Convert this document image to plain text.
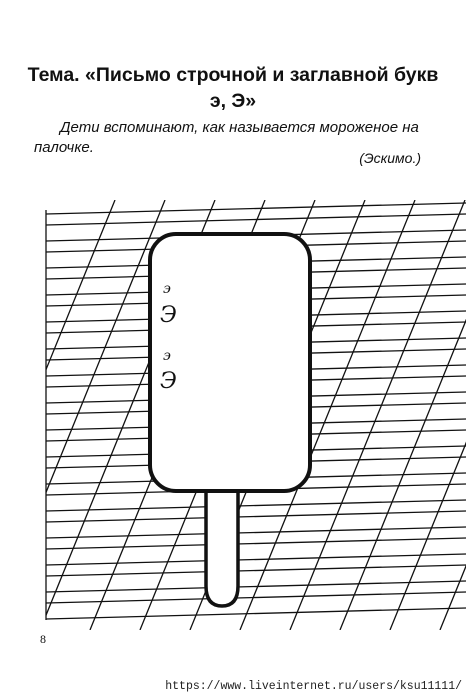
Тема. «Письмо строчной и заглавной букв э, Э»

Дети вспоминают, как называется мороженое на
палочке.

(Эскимо.)

э
Э
э
Э
8
https://www.liveinternet.ru/users/ksu11111/
